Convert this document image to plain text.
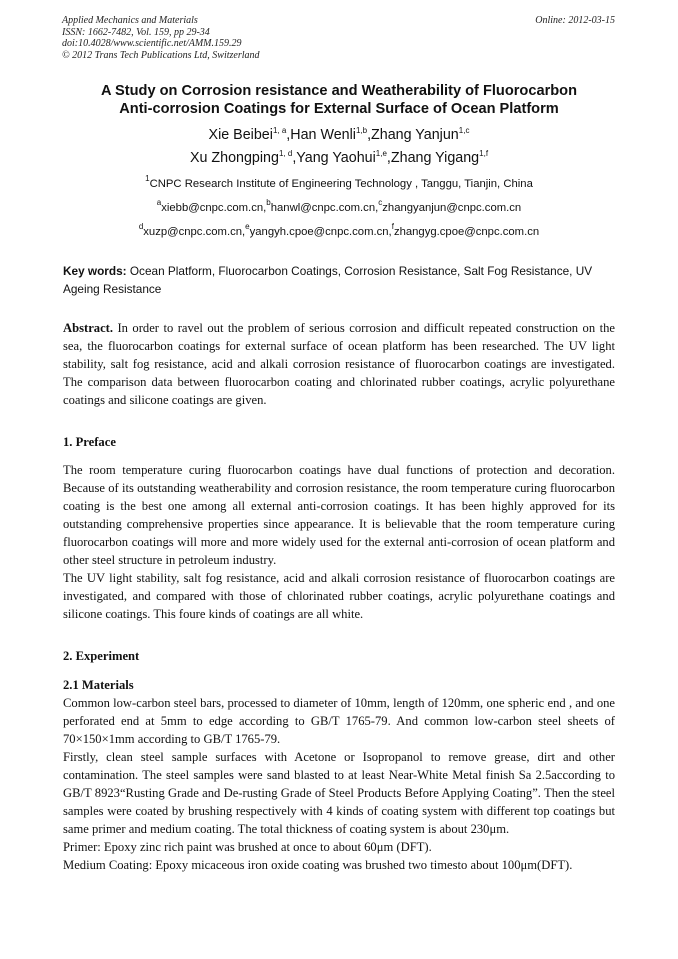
Applied Mechanics and Materials
ISSN: 1662-7482, Vol. 159, pp 29-34
doi:10.4028/www.scientific.net/AMM.159.29
© 2012 Trans Tech Publications Ltd, Switzerland
Online: 2012-03-15
A Study on Corrosion resistance and Weatherability of Fluorocarbon
Anti-corrosion Coatings for External Surface of Ocean Platform
Xie Beibei$^{1, a}$,Han Wenli$^{1,b}$,Zhang Yanjun$^{1,c}$
Xu Zhongping$^{1, d}$,Yang Yaohui$^{1,e}$,Zhang Yigang$^{1,f}$
$^1$CNPC Research Institute of Engineering Technology , Tanggu, Tianjin, China
$^a$xiebb@cnpc.com.cn,$^b$hanwl@cnpc.com.cn,$^c$zhangyanjun@cnpc.com.cn
$^d$xuzp@cnpc.com.cn,$^e$yangyh.cpoe@cnpc.com.cn,$^f$zhangyg.cpoe@cnpc.com.cn
Key words: Ocean Platform, Fluorocarbon Coatings, Corrosion Resistance, Salt Fog Resistance, UV Ageing Resistance

Abstract. In order to ravel out the problem of serious corrosion and difficult repeated construction on the sea, the fluorocarbon coatings for external surface of ocean platform has been researched. The UV light stability, salt fog resistance, acid and alkali corrosion resistance of fluorocarbon coatings are investigated. The comparison data between fluorocarbon coating and chlorinated rubber coatings, acrylic polyurethane coatings and silicone coatings are given.

1. Preface

The room temperature curing fluorocarbon coatings have dual functions of protection and decoration. Because of its outstanding weatherability and corrosion resistance, the room temperature curing fluorocarbon coating is the best one among all external anti-corrosion coatings. It has been highly approved for its outstanding comprehensive properties since appearance. It is believable that the room temperature curing fluorocarbon coatings will more and more widely used for the external anti-corrosion of ocean platform and other steel structure in petroleum industry.

The UV light stability, salt fog resistance, acid and alkali corrosion resistance of fluorocarbon coatings are investigated, and compared with those of chlorinated rubber coatings, acrylic polyurethane coatings and silicone coatings. This foure kinds of coatings are all white.

2. Experiment
2.1 Materials

Common low-carbon steel bars, processed to diameter of 10mm, length of 120mm, one spheric end , and one perforated end at 5mm to edge according to GB/T 1765-79. And common low-carbon steel sheets of 70×150×1mm according to GB/T 1765-79.

Firstly, clean steel sample surfaces with Acetone or Isopropanol to remove grease, dirt and other contamination. The steel samples were sand blasted to at least Near-White Metal finish Sa 2.5according to GB/T 8923“Rusting Grade and De-rusting Grade of Steel Products Before Applying Coating”. Then the steel samples were coated by brushing respectively with 4 kinds of coating system with different top coatings but same primer and medium coating. The total thickness of coating system is about 230μm.

Primer: Epoxy zinc rich paint was brushed at once to about 60μm (DFT).

Medium Coating: Epoxy micaceous iron oxide coating was brushed two timesto about 100μm(DFT).
